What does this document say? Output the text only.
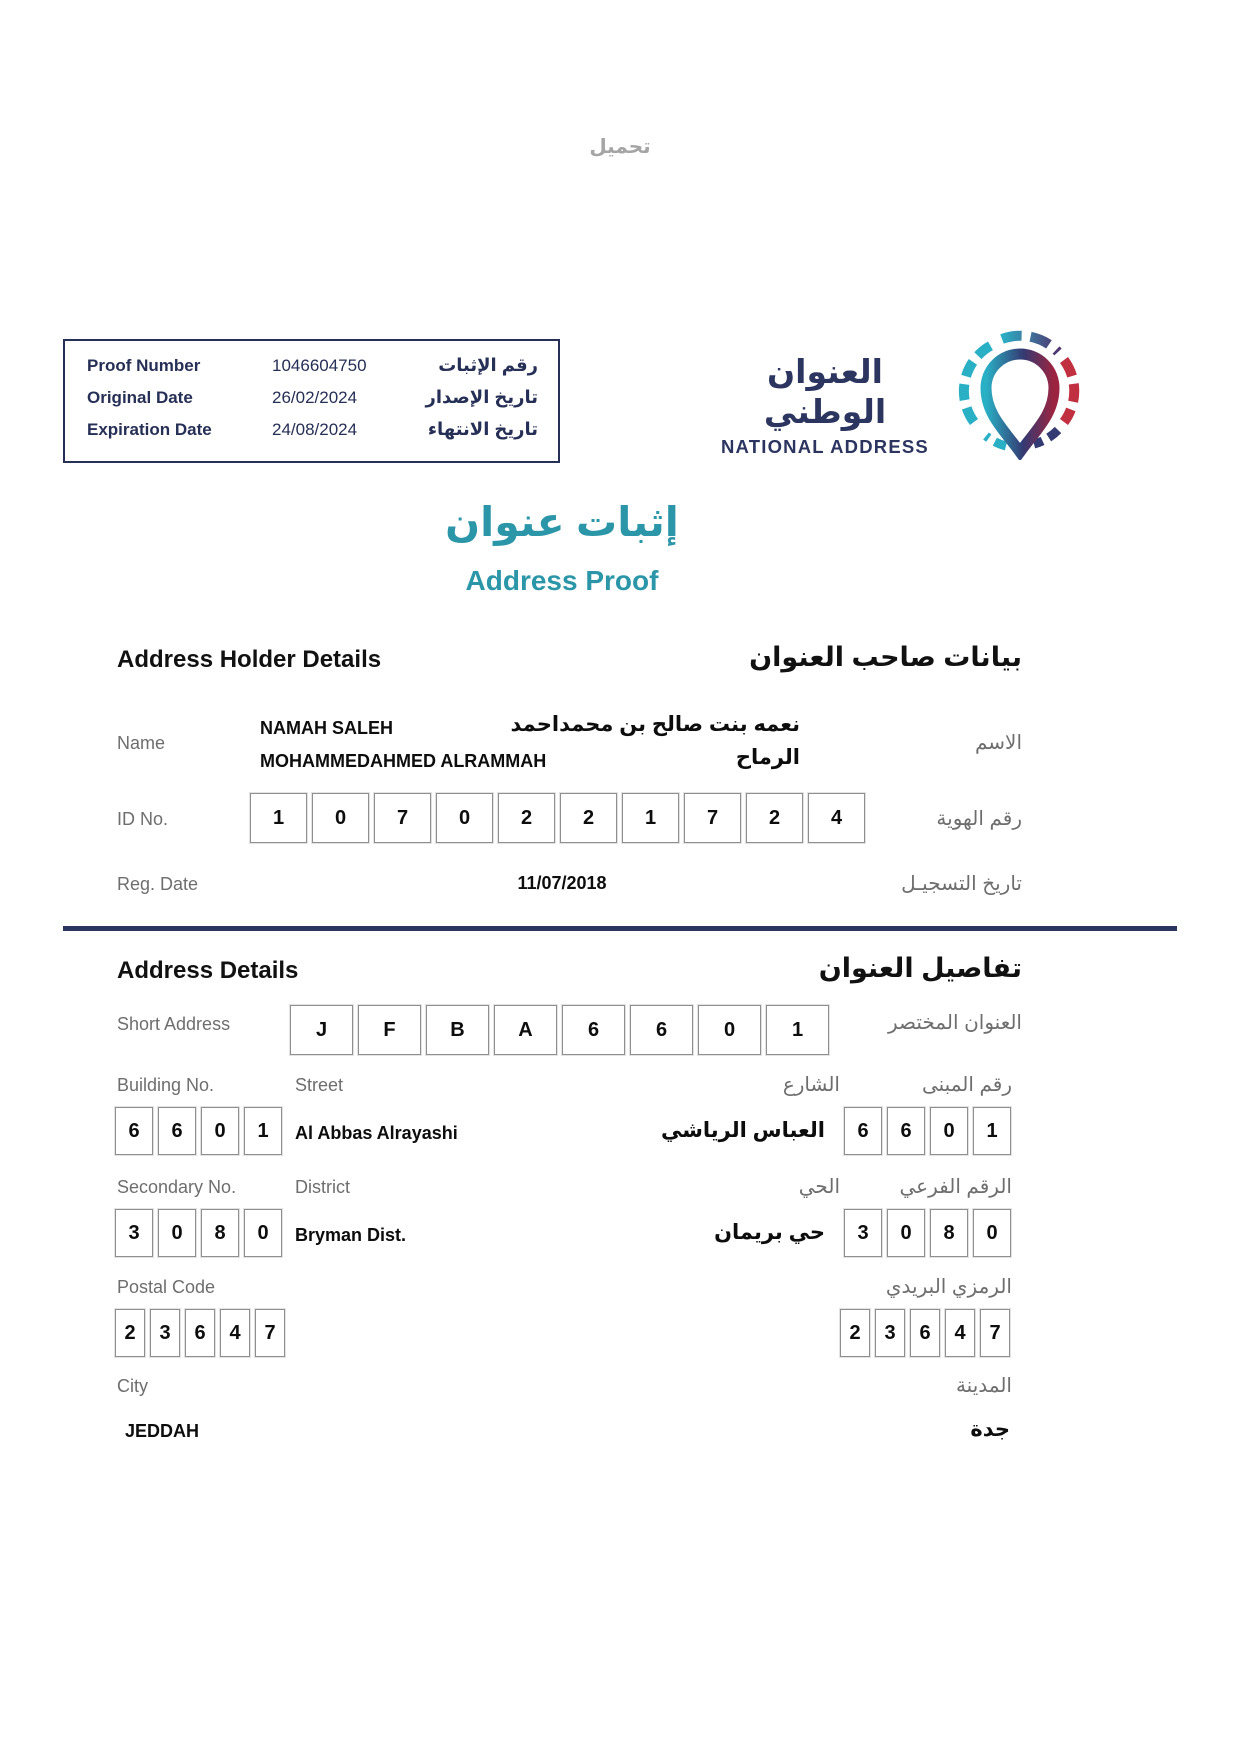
تحميل
Proof Number	1046604750	رقم الإثبات
Original Date	26/02/2024	تاريخ الإصدار
Expiration Date	24/08/2024	تاريخ الانتهاء
العنوان الوطني
NATIONAL ADDRESS
إثبات عنوان
Address Proof
Address Holder Details	بيانات صاحب العنوان
Name
NAMAH SALEH
MOHAMMEDAHMED ALRAMMAH
نعمه بنت صالح بن محمداحمد
الرماح
الاسم
ID No.	1	0	7	0	2	2	1	7	2	4	رقم الهوية
Reg. Date	11/07/2018	تاريخ التسجيـل
Address Details	تفاصيل العنوان
Short Address	J	F	B	A	6	6	0	1	العنوان المختصر
Building No.	Street	الشارع	رقم المبنى
6	6	0	1	Al Abbas Alrayashi	العباس الرياشي	6	6	0	1
Secondary No.	District	الحي	الرقم الفرعي
3	0	8	0	Bryman Dist.	حي بريمان	3	0	8	0
Postal Code	الرمزي البريدي
2	3	6	4	7	2	3	6	4	7
City	المدينة
JEDDAH	جدة
